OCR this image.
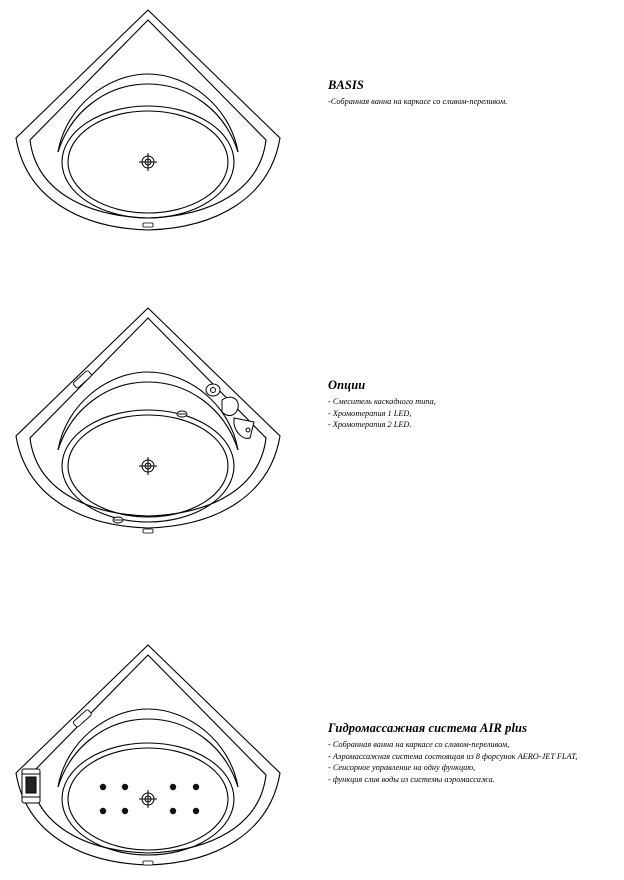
BASIS
-Собранная ванна на каркасе со сливом-переливом.
Опции
- Смеситель каскадного типа,
- Хромотерапия 1 LED,
- Хромотерапия 2 LED.
Гидромассажная система AIR plus
- Собранная ванна на каркасе со сливом-переливом,
- Аэромассажная система состоящая из 8 форсунок AERO-JET FLAT,
- Сенсорное управление на одну функцию,
- функция слив воды из системы аэромассажа.
